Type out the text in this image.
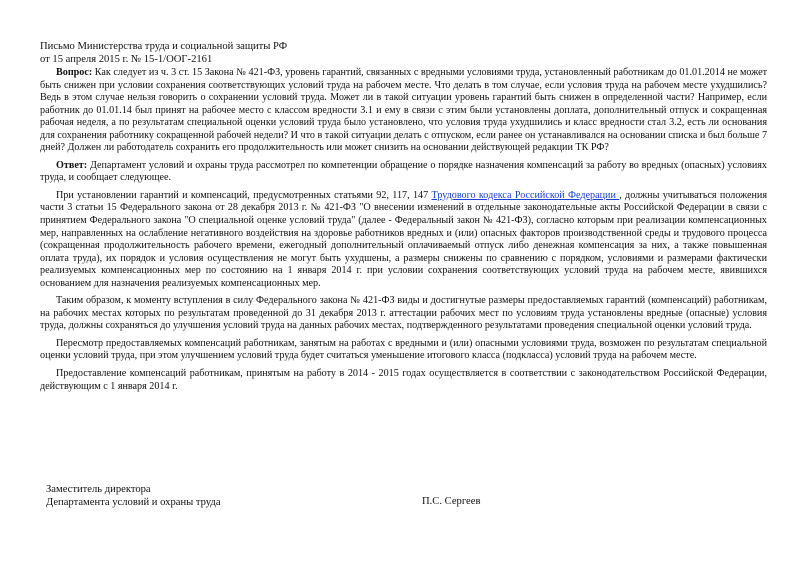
Письмо Министерства труда и социальной защиты РФ
от 15 апреля 2015 г. № 15-1/ООГ-2161

Вопрос: Как следует из ч. 3 ст. 15 Закона № 421-ФЗ, уровень гарантий, связанных с вредными условиями труда, установленный работникам до 01.01.2014 не может быть снижен при условии сохранения соответствующих условий труда на рабочем месте. Что делать в том случае, если условия труда на рабочем месте ухудшились? Ведь в этом случае нельзя говорить о сохранении условий труда. Может ли в такой ситуации уровень гарантий быть снижен в определенной части? Например, если работник до 01.01.14 был принят на рабочее место с классом вредности 3.1 и ему в связи с этим были установлены доплата, дополнительный отпуск и сокращенная рабочая неделя, а по результатам специальной оценки условий труда было установлено, что условия труда ухудшились и класс вредности стал 3.2, есть ли основания для сохранения работнику сокращенной рабочей недели? И что в такой ситуации делать с отпуском, если ранее он устанавливался на основании списка и был больше 7 дней? Должен ли работодатель сохранить его продолжительность или может снизить на основании действующей редакции ТК РФ?

Ответ: Департамент условий и охраны труда рассмотрел по компетенции обращение о порядке назначения компенсаций за работу во вредных (опасных) условиях труда, и сообщает следующее.

При установлении гарантий и компенсаций, предусмотренных статьями 92, 117, 147 Трудового кодекса Российской Федерации , должны учитываться положения части 3 статьи 15 Федерального закона от 28 декабря 2013 г. № 421-ФЗ "О внесении изменений в отдельные законодательные акты Российской Федерации в связи с принятием Федерального закона "О специальной оценке условий труда" (далее - Федеральный закон № 421-ФЗ), согласно которым при реализации компенсационных мер, направленных на ослабление негативного воздействия на здоровье работников вредных и (или) опасных факторов производственной среды и трудового процесса (сокращенная продолжительность рабочего времени, ежегодный дополнительный оплачиваемый отпуск либо денежная компенсация за них, а также повышенная оплата труда), их порядок и условия осуществления не могут быть ухудшены, а размеры снижены по сравнению с порядком, условиями и размерами фактически реализуемых компенсационных мер по состоянию на 1 января 2014 г. при условии сохранения соответствующих условий труда на рабочем месте, явившихся основанием для назначения реализуемых компенсационных мер.

Таким образом, к моменту вступления в силу Федерального закона № 421-ФЗ виды и достигнутые размеры предоставляемых гарантий (компенсаций) работникам, на рабочих местах которых по результатам проведенной до 31 декабря 2013 г. аттестации рабочих мест по условиям труда установлены вредные (опасные) условия труда, должны сохраняться до улучшения условий труда на данных рабочих местах, подтвержденного результатами проведения специальной оценки условий труда.

Пересмотр предоставляемых компенсаций работникам, занятым на работах с вредными и (или) опасными условиями труда, возможен по результатам специальной оценки условий труда, при этом улучшением условий труда будет считаться уменьшение итогового класса (подкласса) условий труда на рабочем месте.

Предоставление компенсаций работникам, принятым на работу в 2014 - 2015 годах осуществляется в соответствии с законодательством Российской Федерации, действующим с 1 января 2014 г.

Заместитель директора
Департамента условий и охраны труда	П.С. Сергеев
